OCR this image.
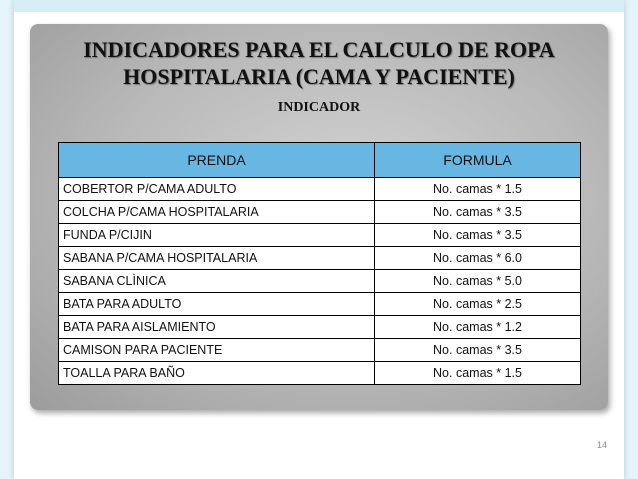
INDICADORES PARA EL CALCULO DE ROPA
HOSPITALARIA (CAMA Y PACIENTE)
INDICADOR
PRENDA	FORMULA
COBERTOR P/CAMA ADULTO	No. camas * 1.5
COLCHA P/CAMA HOSPITALARIA	No. camas * 3.5
FUNDA P/CIJIN	No. camas * 3.5
SABANA P/CAMA HOSPITALARIA	No. camas * 6.0
SABANA CLÌNICA	No. camas * 5.0
BATA PARA ADULTO	No. camas * 2.5
BATA PARA AISLAMIENTO	No. camas * 1.2
CAMISON PARA PACIENTE	No. camas * 3.5
TOALLA PARA BAÑO	No. camas * 1.5
14
